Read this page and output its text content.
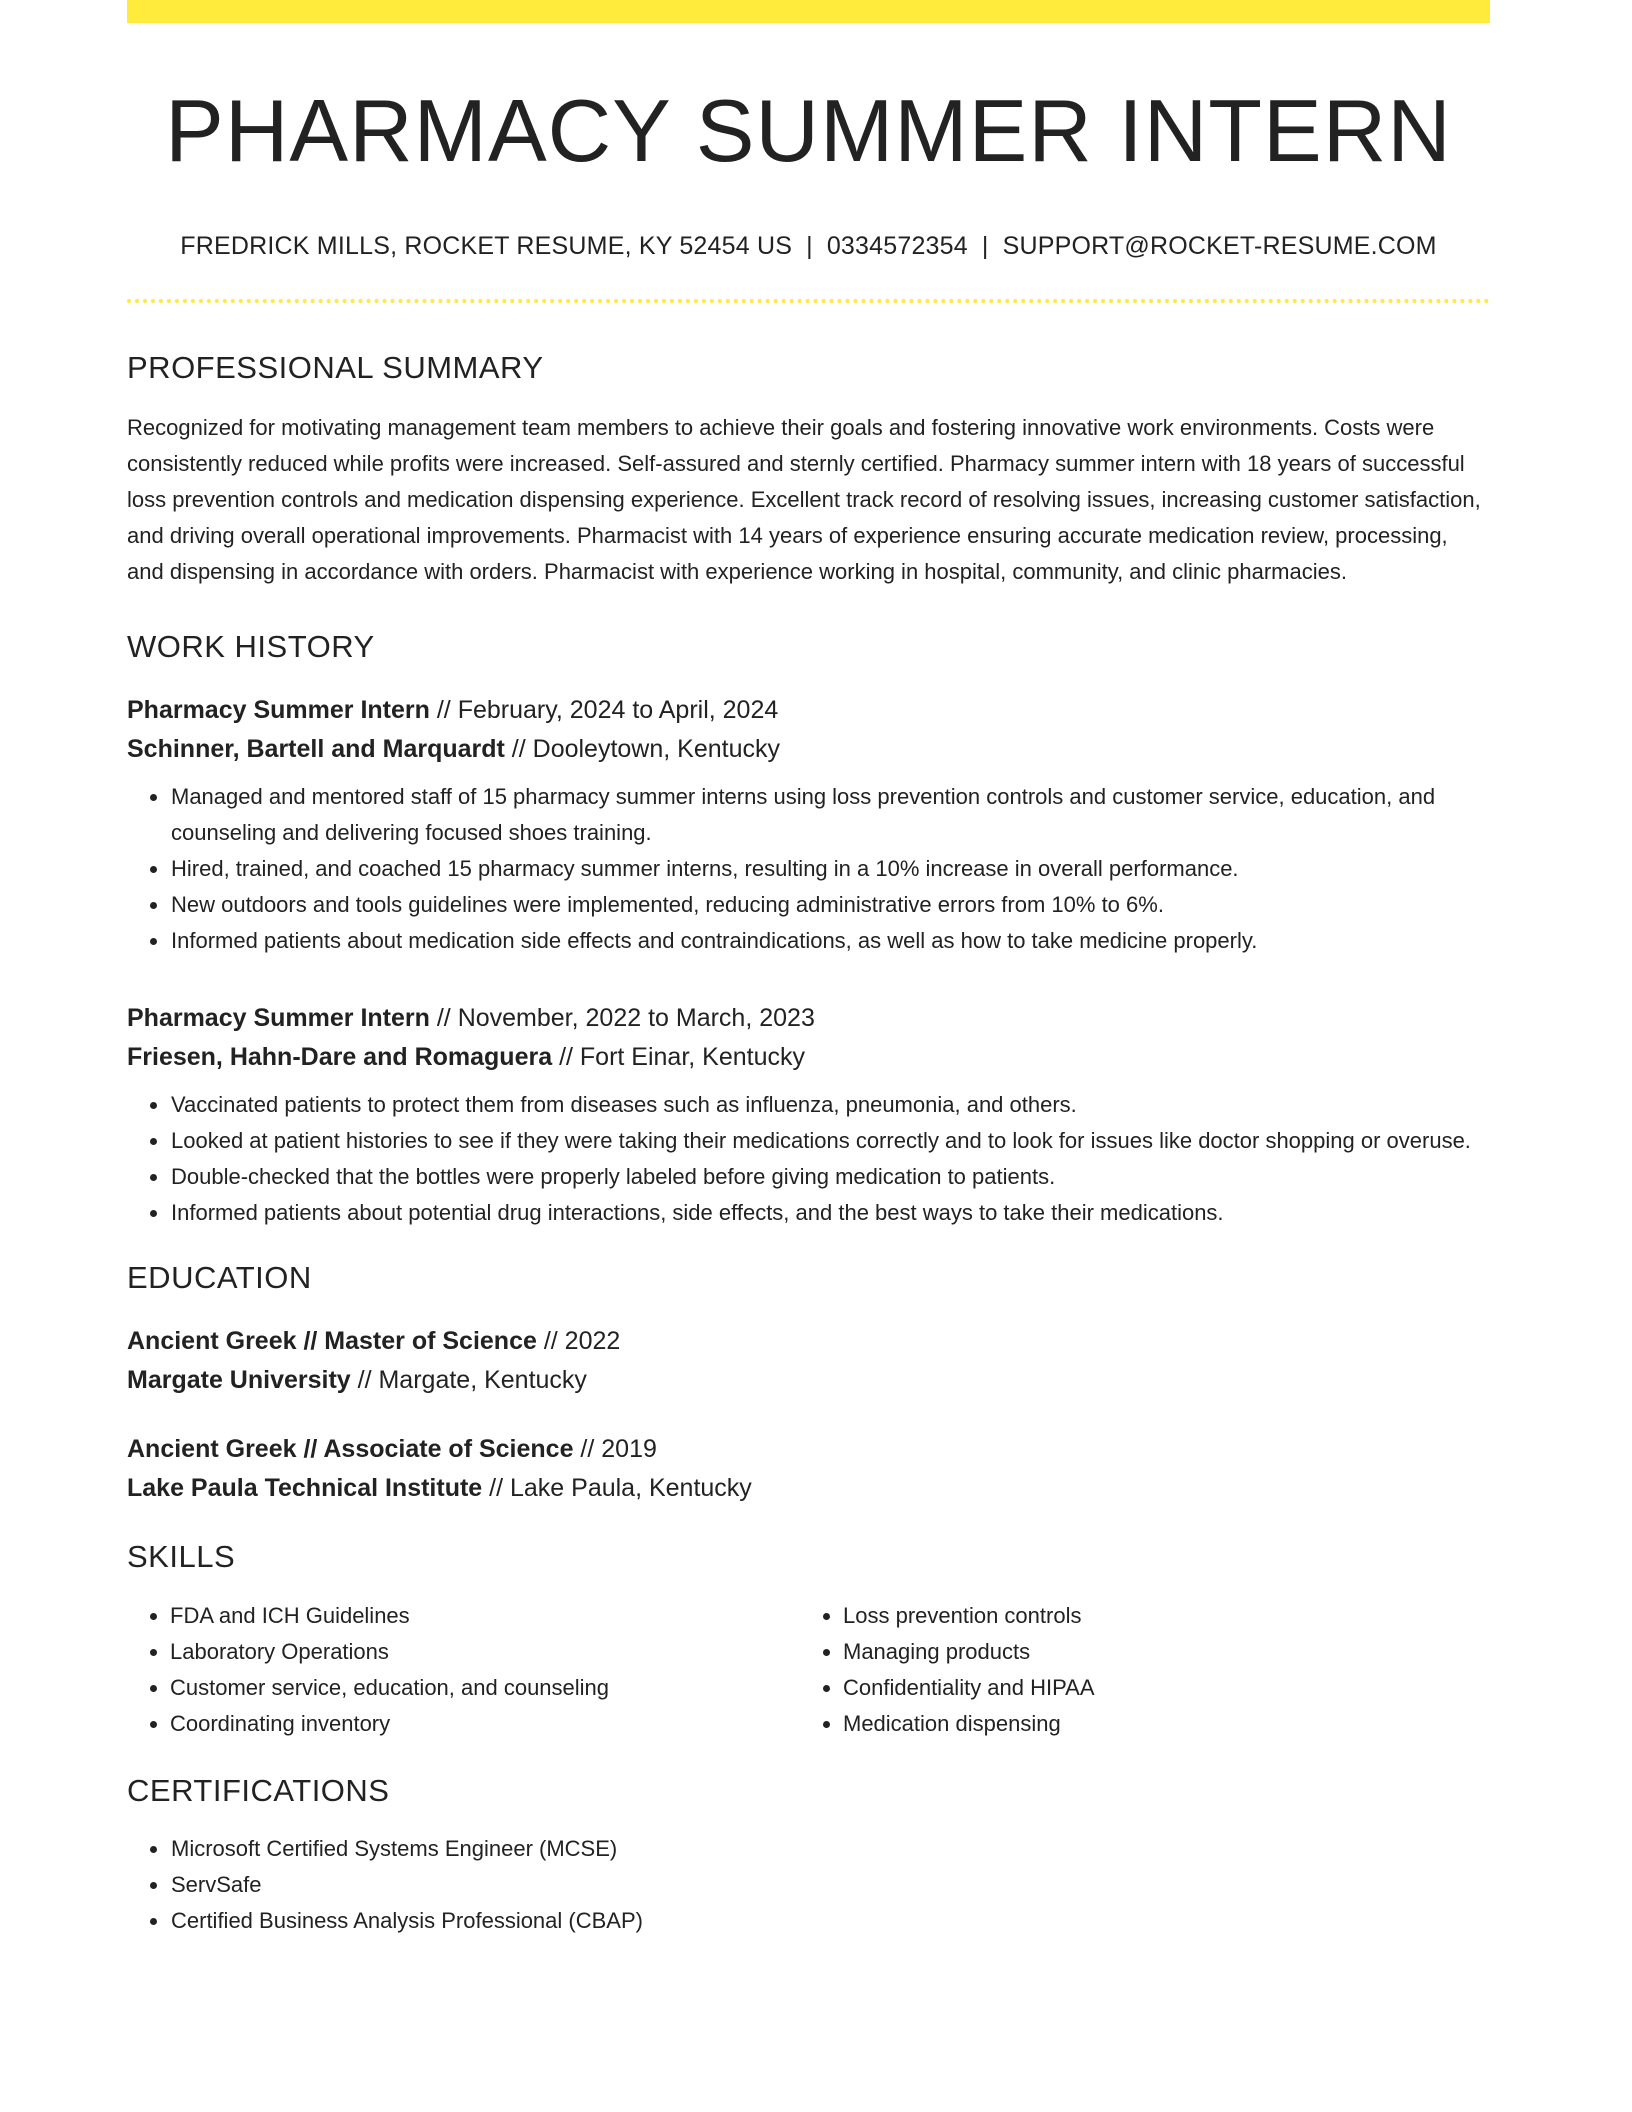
PHARMACY SUMMER INTERN
FREDRICK MILLS, ROCKET RESUME, KY 52454 US | 0334572354 | SUPPORT@ROCKET-RESUME.COM
PROFESSIONAL SUMMARY
Recognized for motivating management team members to achieve their goals and fostering innovative work environments. Costs were consistently reduced while profits were increased. Self-assured and sternly certified. Pharmacy summer intern with 18 years of successful loss prevention controls and medication dispensing experience. Excellent track record of resolving issues, increasing customer satisfaction, and driving overall operational improvements. Pharmacist with 14 years of experience ensuring accurate medication review, processing, and dispensing in accordance with orders. Pharmacist with experience working in hospital, community, and clinic pharmacies.
WORK HISTORY
Pharmacy Summer Intern // February, 2024 to April, 2024
Schinner, Bartell and Marquardt // Dooleytown, Kentucky
• Managed and mentored staff of 15 pharmacy summer interns using loss prevention controls and customer service, education, and counseling and delivering focused shoes training.
• Hired, trained, and coached 15 pharmacy summer interns, resulting in a 10% increase in overall performance.
• New outdoors and tools guidelines were implemented, reducing administrative errors from 10% to 6%.
• Informed patients about medication side effects and contraindications, as well as how to take medicine properly.
Pharmacy Summer Intern // November, 2022 to March, 2023
Friesen, Hahn-Dare and Romaguera // Fort Einar, Kentucky
• Vaccinated patients to protect them from diseases such as influenza, pneumonia, and others.
• Looked at patient histories to see if they were taking their medications correctly and to look for issues like doctor shopping or overuse.
• Double-checked that the bottles were properly labeled before giving medication to patients.
• Informed patients about potential drug interactions, side effects, and the best ways to take their medications.
EDUCATION
Ancient Greek // Master of Science // 2022
Margate University // Margate, Kentucky
Ancient Greek // Associate of Science // 2019
Lake Paula Technical Institute // Lake Paula, Kentucky
SKILLS
• FDA and ICH Guidelines
• Laboratory Operations
• Customer service, education, and counseling
• Coordinating inventory
• Loss prevention controls
• Managing products
• Confidentiality and HIPAA
• Medication dispensing
CERTIFICATIONS
• Microsoft Certified Systems Engineer (MCSE)
• ServSafe
• Certified Business Analysis Professional (CBAP)
